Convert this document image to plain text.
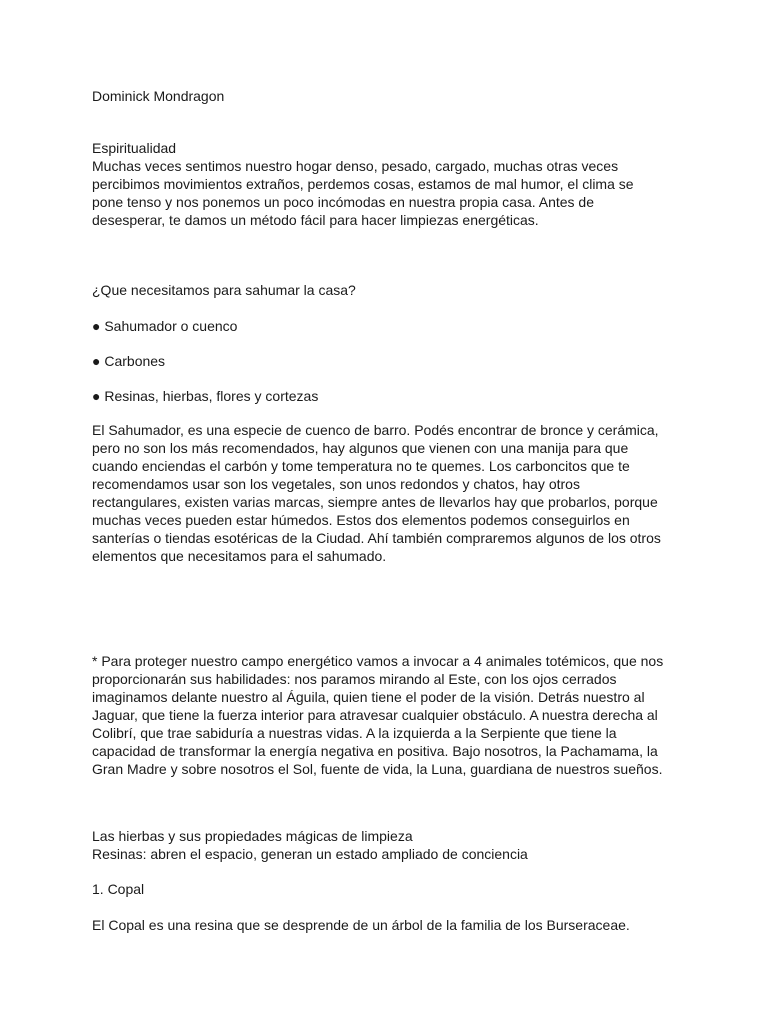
Dominick Mondragon
Espiritualidad
Muchas veces sentimos nuestro hogar denso, pesado, cargado, muchas otras veces
percibimos movimientos extraños, perdemos cosas, estamos de mal humor, el clima se
pone tenso y nos ponemos un poco incómodas en nuestra propia casa. Antes de
desesperar, te damos un método fácil para hacer limpiezas energéticas.
¿Que necesitamos para sahumar la casa?
● Sahumador o cuenco
● Carbones
● Resinas, hierbas, flores y cortezas
El Sahumador, es una especie de cuenco de barro. Podés encontrar de bronce y cerámica,
pero no son los más recomendados, hay algunos que vienen con una manija para que
cuando enciendas el carbón y tome temperatura no te quemes. Los carboncitos que te
recomendamos usar son los vegetales, son unos redondos y chatos, hay otros
rectangulares, existen varias marcas, siempre antes de llevarlos hay que probarlos, porque
muchas veces pueden estar húmedos. Estos dos elementos podemos conseguirlos en
santerías o tiendas esotéricas de la Ciudad. Ahí también compraremos algunos de los otros
elementos que necesitamos para el sahumado.
* Para proteger nuestro campo energético vamos a invocar a 4 animales totémicos, que nos
proporcionarán sus habilidades: nos paramos mirando al Este, con los ojos cerrados
imaginamos delante nuestro al Águila, quien tiene el poder de la visión. Detrás nuestro al
Jaguar, que tiene la fuerza interior para atravesar cualquier obstáculo. A nuestra derecha al
Colibrí, que trae sabiduría a nuestras vidas. A la izquierda a la Serpiente que tiene la
capacidad de transformar la energía negativa en positiva. Bajo nosotros, la Pachamama, la
Gran Madre y sobre nosotros el Sol, fuente de vida, la Luna, guardiana de nuestros sueños.
Las hierbas y sus propiedades mágicas de limpieza
Resinas: abren el espacio, generan un estado ampliado de conciencia
1. Copal
El Copal es una resina que se desprende de un árbol de la familia de los Burseraceae.
